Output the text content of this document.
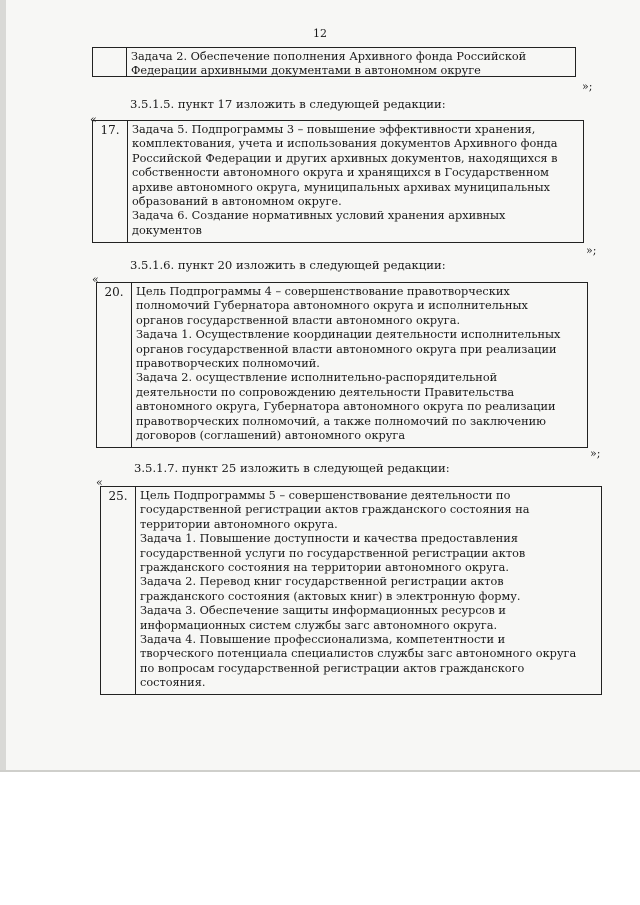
12
Задача 2. Обеспечение пополнения Архивного фонда Российской
Федерации архивными документами в автономном округе
»;
3.5.1.5. пункт 17 изложить в следующей редакции:
«
17.	Задача 5. Подпрограммы 3 – повышение эффективности хранения,
комплектования, учета и использования документов Архивного фонда
Российской Федерации и других архивных документов, находящихся в
собственности автономного округа и хранящихся в Государственном
архиве автономного округа, муниципальных архивах муниципальных
образований в автономном округе.
Задача 6. Создание нормативных условий хранения архивных
документов
»;
3.5.1.6. пункт 20 изложить в следующей редакции:
«
20.	Цель Подпрограммы 4 – совершенствование правотворческих
полномочий Губернатора автономного округа и исполнительных
органов государственной власти автономного округа.
Задача 1. Осуществление координации деятельности исполнительных
органов государственной власти автономного округа при реализации
правотворческих полномочий.
Задача 2. осуществление исполнительно-распорядительной
деятельности по сопровождению деятельности Правительства
автономного округа, Губернатора автономного округа по реализации
правотворческих полномочий, а также полномочий по заключению
договоров (соглашений) автономного округа
»;
3.5.1.7. пункт 25 изложить в следующей редакции:
«
25.	Цель Подпрограммы 5 – совершенствование деятельности по
государственной регистрации актов гражданского состояния на
территории автономного округа.
Задача 1. Повышение доступности и качества предоставления
государственной услуги по государственной регистрации актов
гражданского состояния на территории автономного округа.
Задача 2. Перевод книг государственной регистрации актов
гражданского состояния (актовых книг) в электронную форму.
Задача 3. Обеспечение защиты информационных ресурсов и
информационных систем службы загс автономного округа.
Задача 4. Повышение профессионализма, компетентности и
творческого потенциала специалистов службы загс автономного округа
по вопросам государственной регистрации актов гражданского
состояния.
